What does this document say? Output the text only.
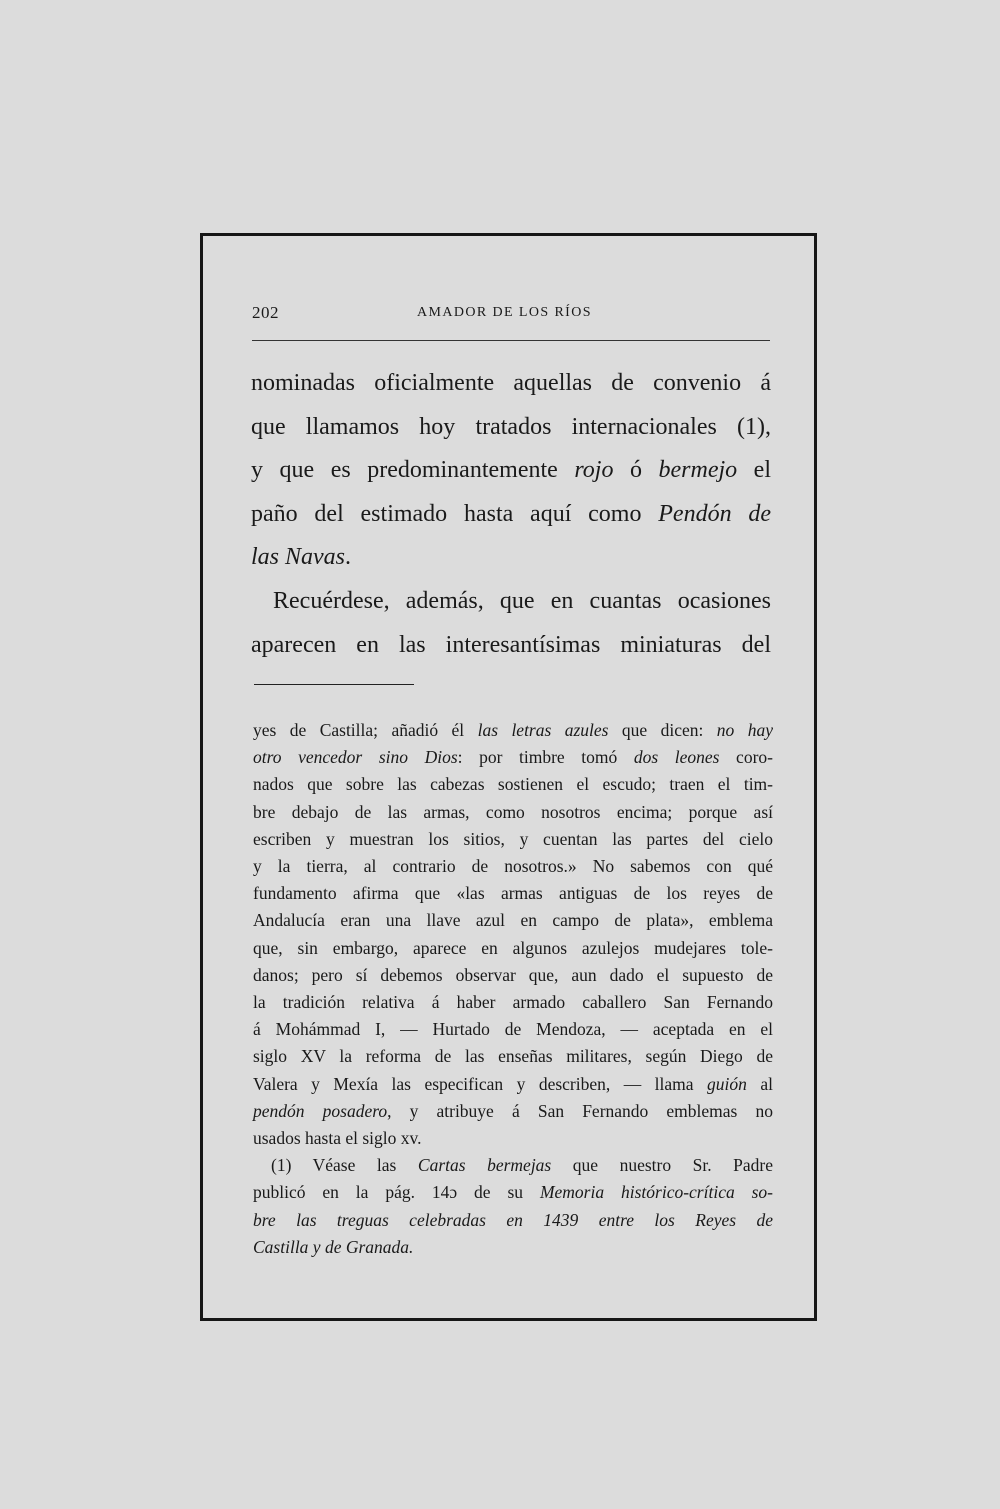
202	AMADOR DE LOS RÍOS

nominadas oficialmente aquellas de convenio á

que llamamos hoy tratados internacionales (1),

y que es predominantemente rojo ó bermejo el

paño del estimado hasta aquí como Pendón de

las Navas.

Recuérdese, además, que en cuantas ocasiones

aparecen en las interesantísimas miniaturas del

yes de Castilla; añadió él las letras azules que dicen: no hay

otro vencedor sino Dios: por timbre tomó dos leones coro-

nados que sobre las cabezas sostienen el escudo; traen el tim-

bre debajo de las armas, como nosotros encima; porque así

escriben y muestran los sitios, y cuentan las partes del cielo

y la tierra, al contrario de nosotros.» No sabemos con qué

fundamento afirma que «las armas antiguas de los reyes de

Andalucía eran una llave azul en campo de plata», emblema

que, sin embargo, aparece en algunos azulejos mudejares tole-

danos; pero sí debemos observar que, aun dado el supuesto de

la tradición relativa á haber armado caballero San Fernando

á Mohámmad I, — Hurtado de Mendoza, — aceptada en el

siglo XV la reforma de las enseñas militares, según Diego de

Valera y Mexía las especifican y describen, — llama guión al

pendón posadero, y atribuye á San Fernando emblemas no

usados hasta el siglo xv.

(1) Véase las Cartas bermejas que nuestro Sr. Padre

publicó en la pág. 14ɔ de su Memoria histórico-crítica so-

bre las treguas celebradas en 1439 entre los Reyes de

Castilla y de Granada.
